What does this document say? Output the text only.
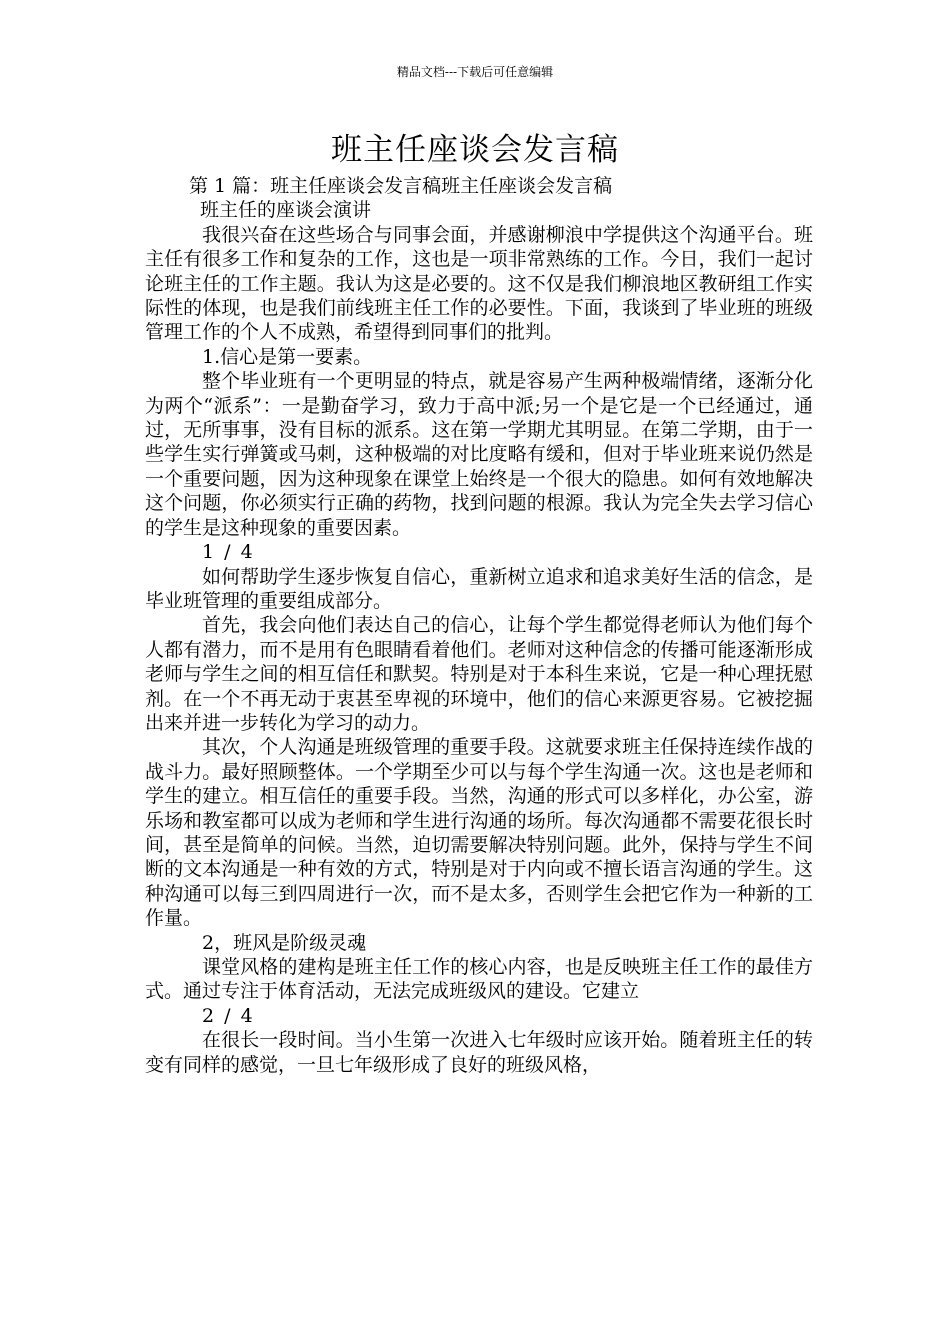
精品文档---下载后可任意编辑
班主任座谈会发言稿

第 1 篇：班主任座谈会发言稿班主任座谈会发言稿

班主任的座谈会演讲

我很兴奋在这些场合与同事会面，并感谢柳浪中学提供这个沟通平台。班主任有很多工作和复杂的工作，这也是一项非常熟练的工作。今日，我们一起讨论班主任的工作主题。我认为这是必要的。这不仅是我们柳浪地区教研组工作实际性的体现，也是我们前线班主任工作的必要性。下面，我谈到了毕业班的班级管理工作的个人不成熟，希望得到同事们的批判。

1.信心是第一要素。

整个毕业班有一个更明显的特点，就是容易产生两种极端情绪，逐渐分化为两个“派系”：一是勤奋学习，致力于高中派;另一个是它是一个已经通过，通过，无所事事，没有目标的派系。这在第一学期尤其明显。在第二学期，由于一些学生实行弹簧或马刺，这种极端的对比度略有缓和，但对于毕业班来说仍然是一个重要问题，因为这种现象在课堂上始终是一个很大的隐患。如何有效地解决这个问题，你必须实行正确的药物，找到问题的根源。我认为完全失去学习信心的学生是这种现象的重要因素。

1 / 4

如何帮助学生逐步恢复自信心，重新树立追求和追求美好生活的信念，是毕业班管理的重要组成部分。

首先，我会向他们表达自己的信心，让每个学生都觉得老师认为他们每个人都有潜力，而不是用有色眼睛看着他们。老师对这种信念的传播可能逐渐形成老师与学生之间的相互信任和默契。特别是对于本科生来说，它是一种心理抚慰剂。在一个不再无动于衷甚至卑视的环境中，他们的信心来源更容易。它被挖掘出来并进一步转化为学习的动力。

其次，个人沟通是班级管理的重要手段。这就要求班主任保持连续作战的战斗力。最好照顾整体。一个学期至少可以与每个学生沟通一次。这也是老师和学生的建立。相互信任的重要手段。当然，沟通的形式可以多样化，办公室，游乐场和教室都可以成为老师和学生进行沟通的场所。每次沟通都不需要花很长时间，甚至是简单的问候。当然，迫切需要解决特别问题。此外，保持与学生不间断的文本沟通是一种有效的方式，特别是对于内向或不擅长语言沟通的学生。这种沟通可以每三到四周进行一次，而不是太多，否则学生会把它作为一种新的工作量。

2，班风是阶级灵魂

课堂风格的建构是班主任工作的核心内容，也是反映班主任工作的最佳方式。通过专注于体育活动，无法完成班级风的建设。它建立

2 / 4

在很长一段时间。当小生第一次进入七年级时应该开始。随着班主任的转变有同样的感觉，一旦七年级形成了良好的班级风格，
